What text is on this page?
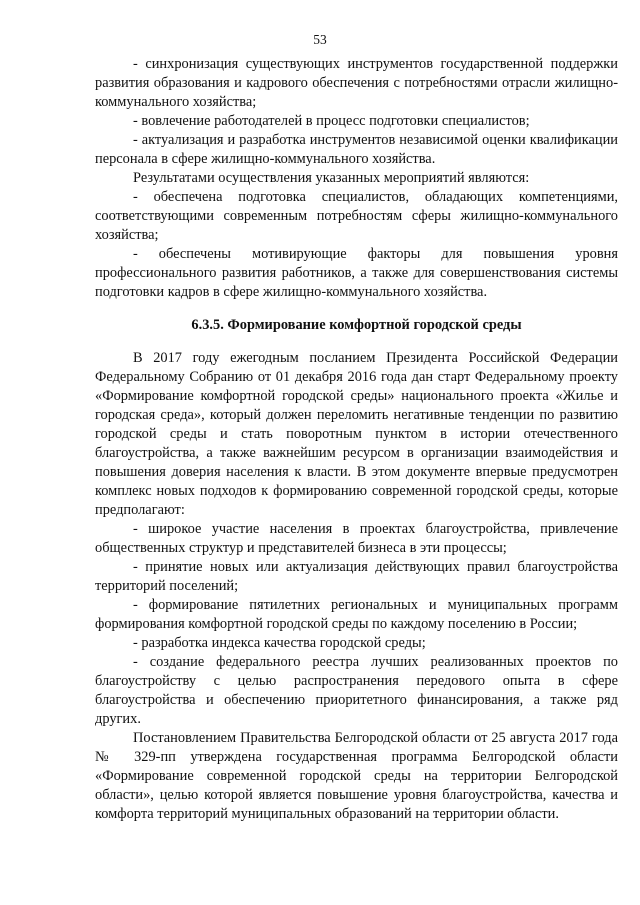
53

- синхронизация существующих инструментов государственной поддержки развития образования и кадрового обеспечения с потребностями отрасли жилищно-коммунального хозяйства;

- вовлечение работодателей в процесс подготовки специалистов;

- актуализация и разработка инструментов независимой оценки квалификации персонала в сфере жилищно-коммунального хозяйства.

Результатами осуществления указанных мероприятий являются:

- обеспечена подготовка специалистов, обладающих компетенциями, соответствующими современным потребностям сферы жилищно-коммунального хозяйства;

- обеспечены мотивирующие факторы для повышения уровня профессионального развития работников, а также для совершенствования системы подготовки кадров в сфере жилищно-коммунального хозяйства.

6.3.5. Формирование комфортной городской среды

В 2017 году ежегодным посланием Президента Российской Федерации Федеральному Собранию от 01 декабря 2016 года дан старт Федеральному проекту «Формирование комфортной городской среды» национального проекта «Жилье и городская среда», который должен переломить негативные тенденции по развитию городской среды и стать поворотным пунктом в истории отечественного благоустройства, а также важнейшим ресурсом в организации взаимодействия и повышения доверия населения к власти. В этом документе впервые предусмотрен комплекс новых подходов к формированию современной городской среды, которые предполагают:

- широкое участие населения в проектах благоустройства, привлечение общественных структур и представителей бизнеса в эти процессы;

- принятие новых или актуализация действующих правил благоустройства территорий поселений;

- формирование пятилетних региональных и муниципальных программ формирования комфортной городской среды по каждому поселению в России;

- разработка индекса качества городской среды;

- создание федерального реестра лучших реализованных проектов по благоустройству с целью распространения передового опыта в сфере благоустройства и обеспечению приоритетного финансирования, а также ряд других.

Постановлением Правительства Белгородской области от 25 августа 2017 года № 329-пп утверждена государственная программа Белгородской области «Формирование современной городской среды на территории Белгородской области», целью которой является повышение уровня благоустройства, качества и комфорта территорий муниципальных образований на территории области.
